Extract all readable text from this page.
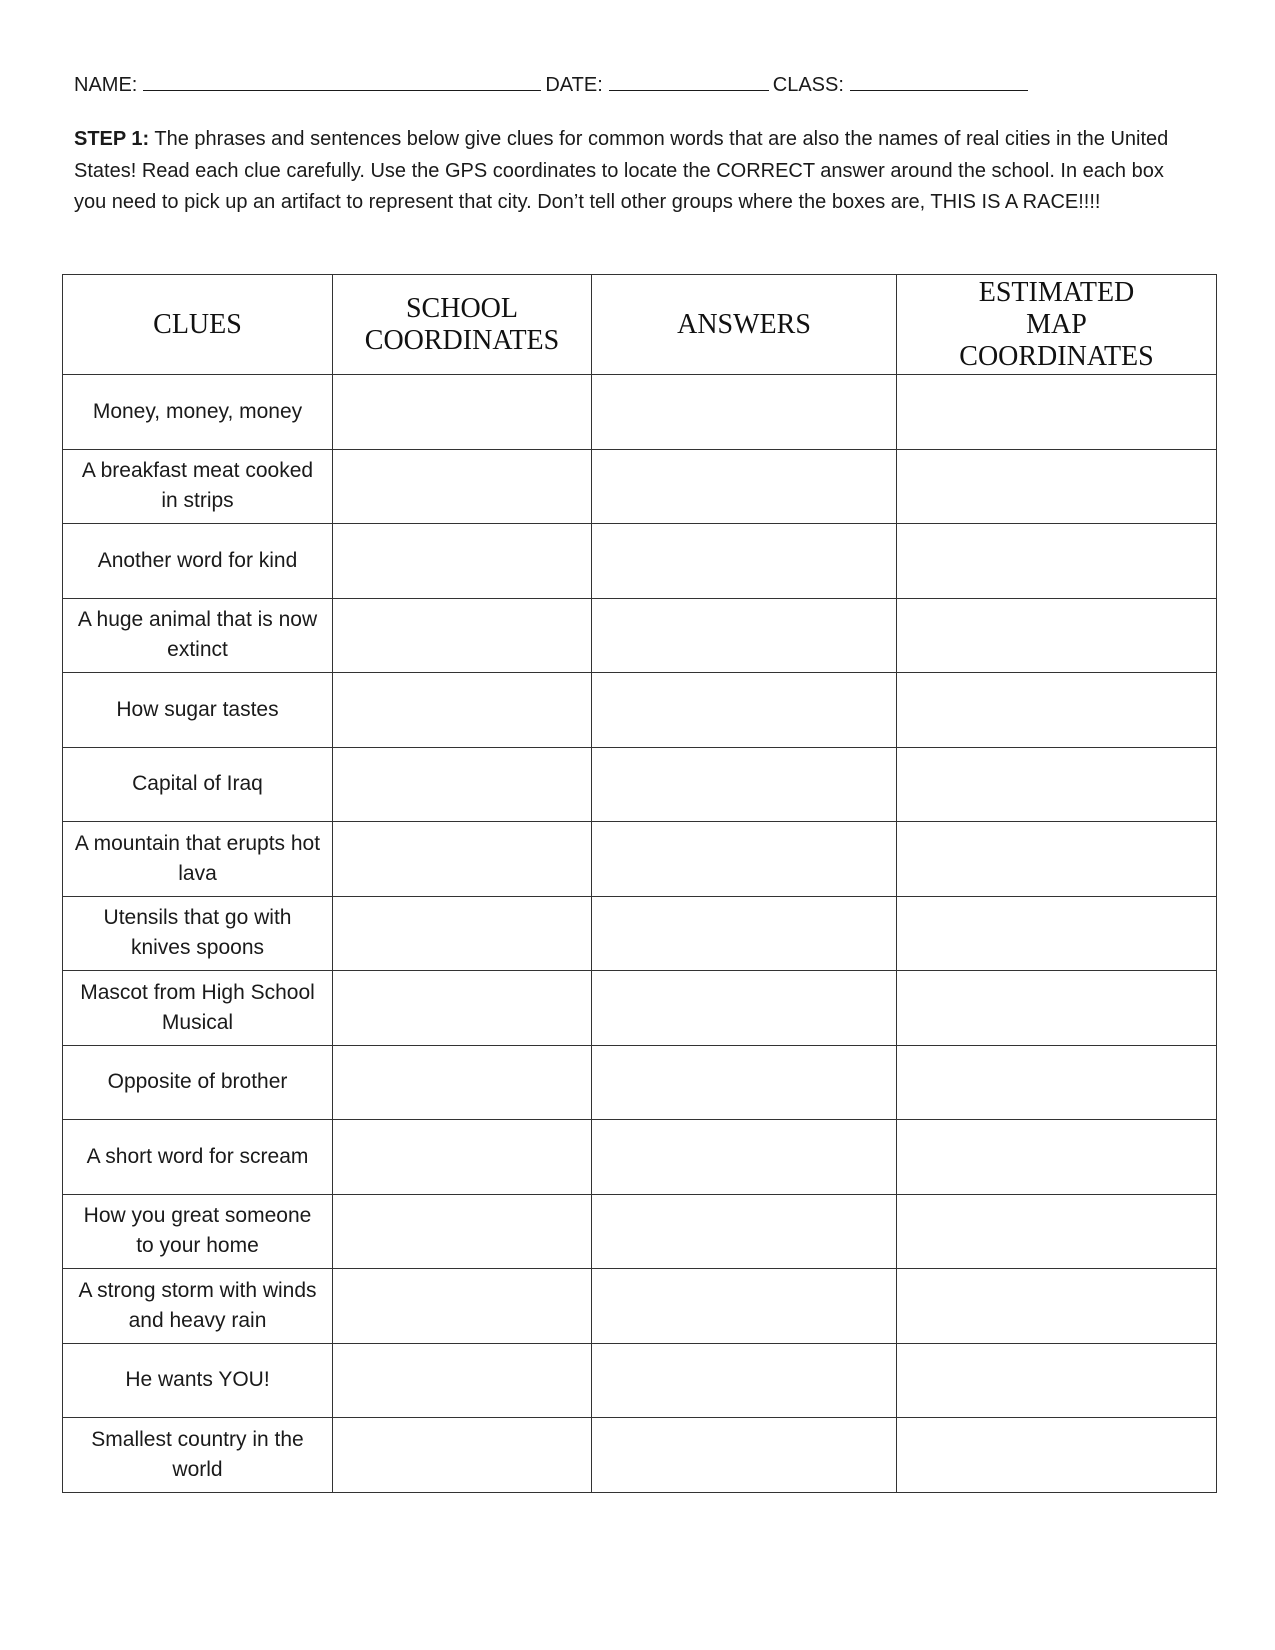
NAME:	DATE:	CLASS:
STEP 1: The phrases and sentences below give clues for common words that are also the names of real cities in the United States! Read each clue carefully. Use the GPS coordinates to locate the CORRECT answer around the school. In each box you need to pick up an artifact to represent that city. Don’t tell other groups where the boxes are, THIS IS A RACE!!!!
CLUES	SCHOOL COORDINATES	ANSWERS	ESTIMATED MAP COORDINATES
Money, money, money			
A breakfast meat cooked in strips			
Another word for kind			
A huge animal that is now extinct			
How sugar tastes			
Capital of Iraq			
A mountain that erupts hot lava			
Utensils that go with knives spoons			
Mascot from High School Musical			
Opposite of brother			
A short word for scream			
How you great someone to your home			
A strong storm with winds and heavy rain			
He wants YOU!			
Smallest country in the world			
